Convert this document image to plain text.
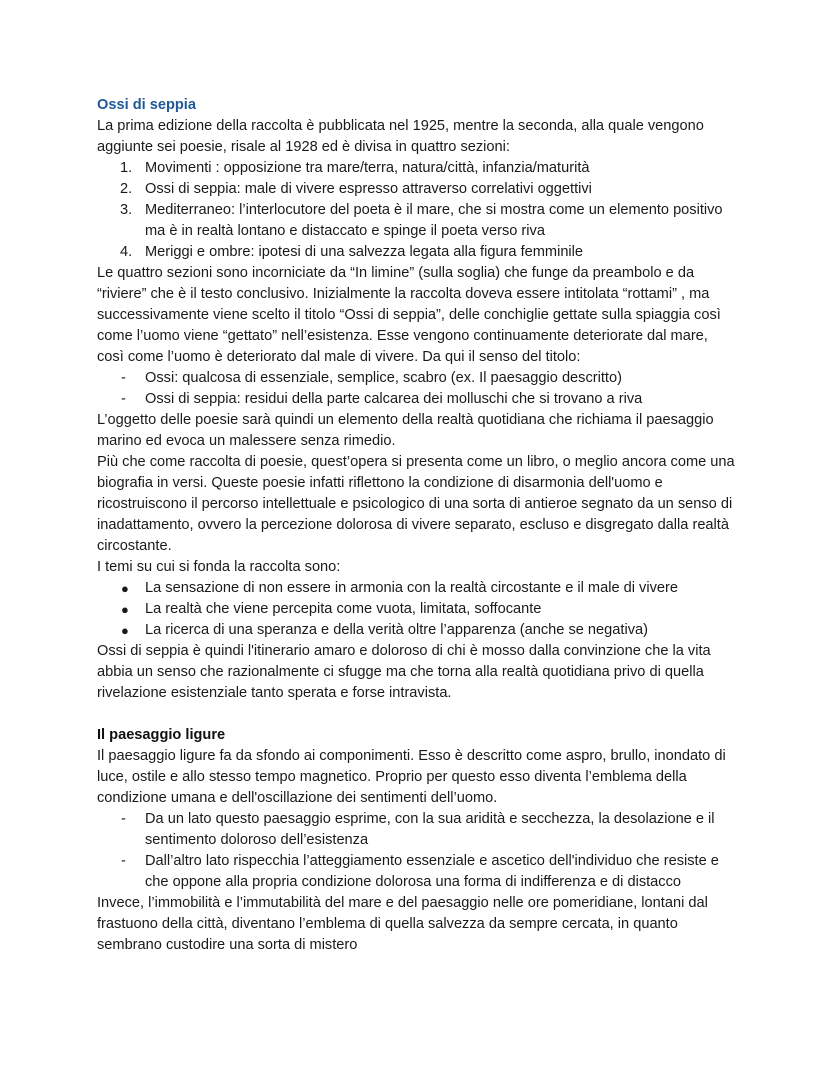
Ossi di seppia

La prima edizione della raccolta è pubblicata nel 1925, mentre la seconda, alla quale vengono aggiunte sei poesie, risale al 1928 ed è divisa in quattro sezioni:

1. Movimenti : opposizione tra mare/terra, natura/città, infanzia/maturità
2. Ossi di seppia: male di vivere espresso attraverso correlativi oggettivi
3. Mediterraneo: l’interlocutore del poeta è il mare, che si mostra come un elemento positivo ma è in realtà lontano e distaccato e spinge il poeta verso riva
4. Meriggi e ombre: ipotesi di una salvezza legata alla figura femminile

Le quattro sezioni sono incorniciate da “In limine” (sulla soglia) che funge da preambolo e da “riviere” che è il testo conclusivo. Inizialmente la raccolta doveva essere intitolata “rottami” , ma successivamente viene scelto il titolo “Ossi di seppia”, delle conchiglie gettate sulla spiaggia così come l’uomo viene “gettato” nell’esistenza. Esse vengono continuamente deteriorate dal mare, così come l’uomo è deteriorato dal male di vivere. Da qui il senso del titolo:

- Ossi: qualcosa di essenziale, semplice, scabro (ex. Il paesaggio descritto)
- Ossi di seppia: residui della parte calcarea dei molluschi che si trovano a riva

L’oggetto delle poesie sarà quindi un elemento della realtà quotidiana che richiama il paesaggio marino ed evoca un malessere senza rimedio.

Più che come raccolta di poesie, quest’opera si presenta come un libro, o meglio ancora come una biografia in versi. Queste poesie infatti riflettono la condizione di disarmonia dell'uomo e ricostruiscono il percorso intellettuale e psicologico di una sorta di antieroe segnato da un senso di inadattamento, ovvero la percezione dolorosa di vivere separato, escluso e disgregato dalla realtà circostante.

I temi su cui si fonda la raccolta sono:

● La sensazione di non essere in armonia con la realtà circostante e il male di vivere
● La realtà che viene percepita come vuota, limitata, soffocante
● La ricerca di una speranza e della verità oltre l’apparenza (anche se negativa)

Ossi di seppia è quindi l'itinerario amaro e doloroso di chi è mosso dalla convinzione che la vita abbia un senso che razionalmente ci sfugge ma che torna alla realtà quotidiana privo di quella rivelazione esistenziale tanto sperata e forse intravista.

Il paesaggio ligure

Il paesaggio ligure fa da sfondo ai componimenti. Esso è descritto come aspro, brullo, inondato di luce, ostile e allo stesso tempo magnetico. Proprio per questo esso diventa l’emblema della condizione umana e dell'oscillazione dei sentimenti dell’uomo.

- Da un lato questo paesaggio esprime, con la sua aridità e secchezza, la desolazione e il sentimento doloroso dell’esistenza
- Dall’altro lato rispecchia l’atteggiamento essenziale e ascetico dell'individuo che resiste e che oppone alla propria condizione dolorosa una forma di indifferenza e di distacco

Invece, l’immobilità e l’immutabilità del mare e del paesaggio nelle ore pomeridiane, lontani dal frastuono della città, diventano l’emblema di quella salvezza da sempre cercata, in quanto sembrano custodire una sorta di mistero
